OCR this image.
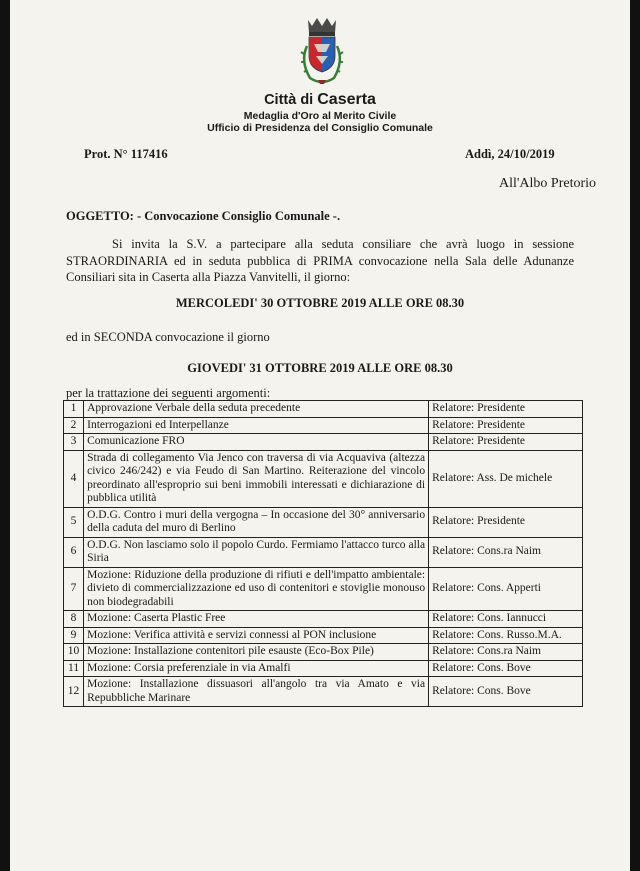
Città di Caserta
Medaglia d'Oro al Merito Civile
Ufficio di Presidenza del Consiglio Comunale
Prot. N° 117416	Addì, 24/10/2019
All'Albo Pretorio
OGGETTO: - Convocazione Consiglio Comunale -.
Si invita la S.V. a partecipare alla seduta consiliare che avrà luogo in sessione STRAORDINARIA ed in seduta pubblica di PRIMA convocazione nella Sala delle Adunanze Consiliari sita in Caserta alla Piazza Vanvitelli, il giorno:
MERCOLEDI' 30 OTTOBRE 2019 ALLE ORE 08.30
ed in SECONDA convocazione il giorno
GIOVEDI' 31 OTTOBRE 2019 ALLE ORE 08.30
per la trattazione dei seguenti argomenti:
1	Approvazione Verbale della seduta precedente	Relatore: Presidente
2	Interrogazioni ed Interpellanze	Relatore: Presidente
3	Comunicazione FRO	Relatore: Presidente
4	Strada di collegamento Via Jenco con traversa di via Acquaviva (altezza civico 246/242) e via Feudo di San Martino. Reiterazione del vincolo preordinato all'esproprio sui beni immobili interessati e dichiarazione di pubblica utilità	Relatore: Ass. De michele
5	O.D.G. Contro i muri della vergogna – In occasione del 30° anniversario della caduta del muro di Berlino	Relatore: Presidente
6	O.D.G. Non lasciamo solo il popolo Curdo. Fermiamo l'attacco turco alla Siria	Relatore: Cons.ra Naim
7	Mozione: Riduzione della produzione di rifiuti e dell'impatto ambientale: divieto di commercializzazione ed uso di contenitori e stoviglie monouso non biodegradabili	Relatore: Cons. Apperti
8	Mozione: Caserta Plastic Free	Relatore: Cons. Iannucci
9	Mozione: Verifica attività e servizi connessi al PON inclusione	Relatore: Cons. Russo.M.A.
10	Mozione: Installazione contenitori pile esauste (Eco-Box Pile)	Relatore: Cons.ra Naim
11	Mozione: Corsia preferenziale in via Amalfi	Relatore: Cons. Bove
12	Mozione: Installazione dissuasori all'angolo tra via Amato e via Repubbliche Marinare	Relatore: Cons. Bove
